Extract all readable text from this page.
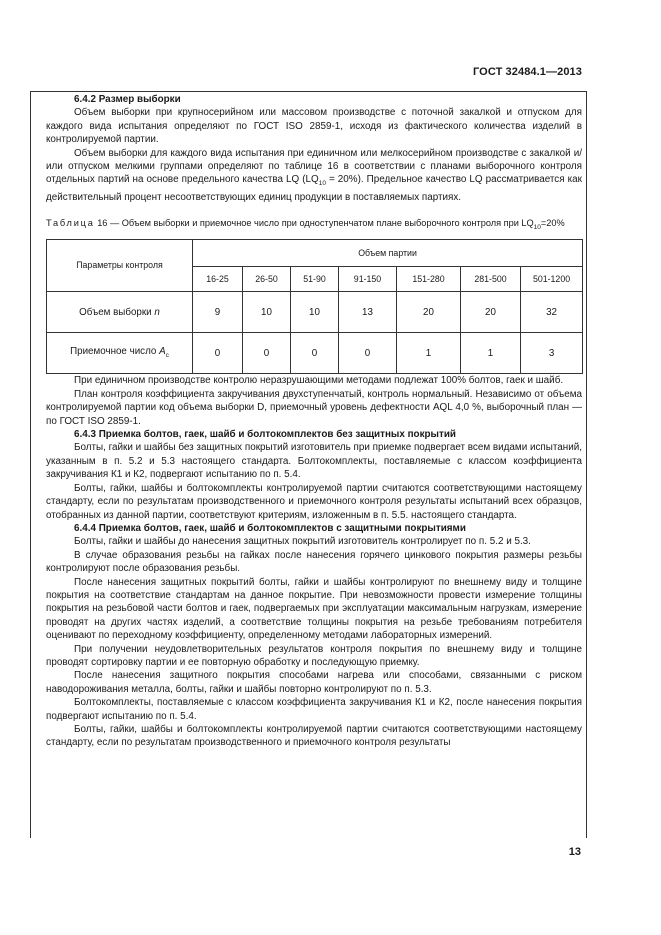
ГОСТ 32484.1—2013

6.4.2 Размер выборки

Объем выборки при крупносерийном или массовом производстве с поточной закалкой и отпуском для каждого вида испытания определяют по ГОСТ ISO 2859-1, исходя из фактического количества изделий в контролируемой партии.

Объем выборки для каждого вида испытания при единичном или мелкосерийном производстве с закалкой и/или отпуском мелкими группами определяют по таблице 16 в соответствии с планами выборочного контроля отдельных партий на основе предельного качества LQ $(LQ_{10} = 20\%)$. Предельное качество LQ рассматривается как действительный процент несоответствующих единиц продукции в поставляемых партиях.

Таблица 16 — Объем выборки и приемочное число при одноступенчатом плане выборочного контроля при $LQ_{10}=20\%$

Параметры контроля	Объем партии						
	16-25	26-50	51-90	91-150	151-280	281-500	501-1200
Объем выборки n	9	10	10	13	20	20	32
Приемочное число $A_c$	0	0	0	0	1	1	3

При единичном производстве контролю неразрушающими методами подлежат 100% болтов, гаек и шайб.

План контроля коэффициента закручивания двухступенчатый, контроль нормальный. Независимо от объема контролируемой партии код объема выборки D, приемочный уровень дефектности AQL 4,0 %, выборочный план — по ГОСТ ISO 2859-1.

6.4.3 Приемка болтов, гаек, шайб и болтокомплектов без защитных покрытий

Болты, гайки и шайбы без защитных покрытий изготовитель при приемке подвергает всем видами испытаний, указанным в п. 5.2 и 5.3 настоящего стандарта. Болтокомплекты, поставляемые с классом коэффициента закручивания К1 и К2, подвергают испытанию по п. 5.4.

Болты, гайки, шайбы и болтокомплекты контролируемой партии считаются соответствующими настоящему стандарту, если по результатам производственного и приемочного контроля результаты испытаний всех образцов, отобранных из данной партии, соответствуют критериям, изложенным в п. 5.5. настоящего стандарта.

6.4.4 Приемка болтов, гаек, шайб и болтокомплектов с защитными покрытиями

Болты, гайки и шайбы до нанесения защитных покрытий изготовитель контролирует по п. 5.2 и 5.3.

В случае образования резьбы на гайках после нанесения горячего цинкового покрытия размеры резьбы контролируют после образования резьбы.

После нанесения защитных покрытий болты, гайки и шайбы контролируют по внешнему виду и толщине покрытия на соответствие стандартам на данное покрытие. При невозможности провести измерение толщины покрытия на резьбовой части болтов и гаек, подвергаемых при эксплуатации максимальным нагрузкам, измерение проводят на других частях изделий, а соответствие толщины покрытия на резьбе требованиям потребителя оценивают по переходному коэффициенту, определенному методами лабораторных измерений.

При получении неудовлетворительных результатов контроля покрытия по внешнему виду и толщине проводят сортировку партии и ее повторную обработку и последующую приемку.

После нанесения защитного покрытия способами нагрева или способами, связанными с риском наводороживания металла, болты, гайки и шайбы повторно контролируют по п. 5.3.

Болтокомплекты, поставляемые с классом коэффициента закручивания К1 и К2, после нанесения покрытия подвергают испытанию по п. 5.4.

Болты, гайки, шайбы и болтокомплекты контролируемой партии считаются соответствующими настоящему стандарту, если по результатам производственного и приемочного контроля результаты

13
